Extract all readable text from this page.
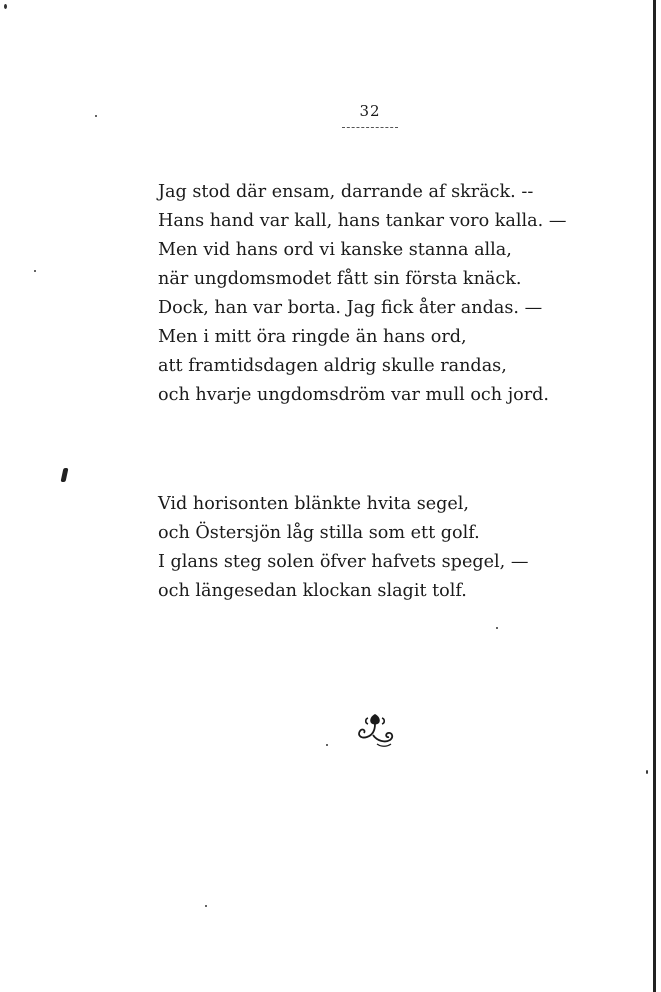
32
Jag stod där ensam, darrande af skräck. --
Hans hand var kall, hans tankar voro kalla. —
Men vid hans ord vi kanske stanna alla,
när ungdomsmodet fått sin första knäck.
Dock, han var borta. Jag fick åter andas. —
Men i mitt öra ringde än hans ord,
att framtidsdagen aldrig skulle randas,
och hvarje ungdomsdröm var mull och jord.
Vid horisonten blänkte hvita segel,
och Östersjön låg stilla som ett golf.
I glans steg solen öfver hafvets spegel, —
och längesedan klockan slagit tolf.
